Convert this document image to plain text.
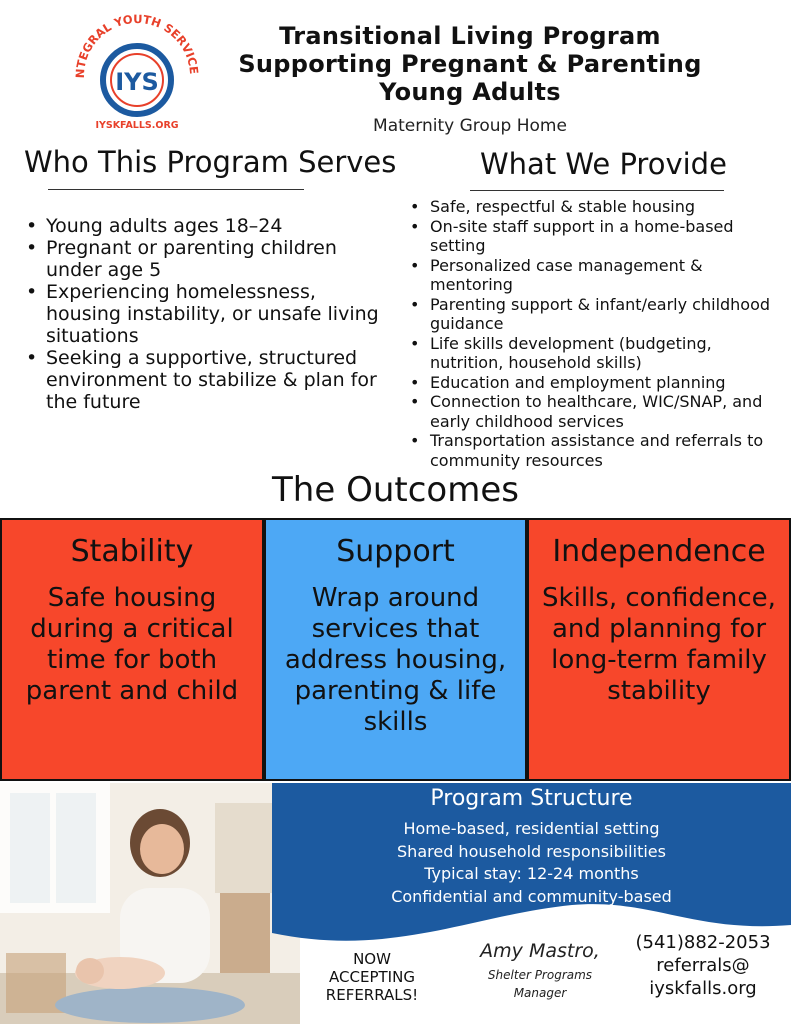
NTEGRAL YOUTH SERVICE
IYS
IYSKFALLS.ORG
Transitional Living Program
Supporting Pregnant & Parenting
Young Adults
Maternity Group Home
Who This Program Serves
• Young adults ages 18–24
• Pregnant or parenting children under age 5
• Experiencing homelessness, housing instability, or unsafe living situations
• Seeking a supportive, structured environment to stabilize & plan for the future
What We Provide
• Safe, respectful & stable housing
• On-site staff support in a home-based setting
• Personalized case management & mentoring
• Parenting support & infant/early childhood guidance
• Life skills development (budgeting, nutrition, household skills)
• Education and employment planning
• Connection to healthcare, WIC/SNAP, and early childhood services
• Transportation assistance and referrals to community resources
The Outcomes
Stability
Safe housing during a critical time for both parent and child
Support
Wrap around services that address housing, parenting & life skills
Independence
Skills, confidence, and planning for long-term family stability
Program Structure
Home-based, residential setting
Shared household responsibilities
Typical stay: 12-24 months
Confidential and community-based
NOW
ACCEPTING
REFERRALS!
Amy Mastro,
Shelter Programs
Manager
(541)882-2053
referrals@
iyskfalls.org
